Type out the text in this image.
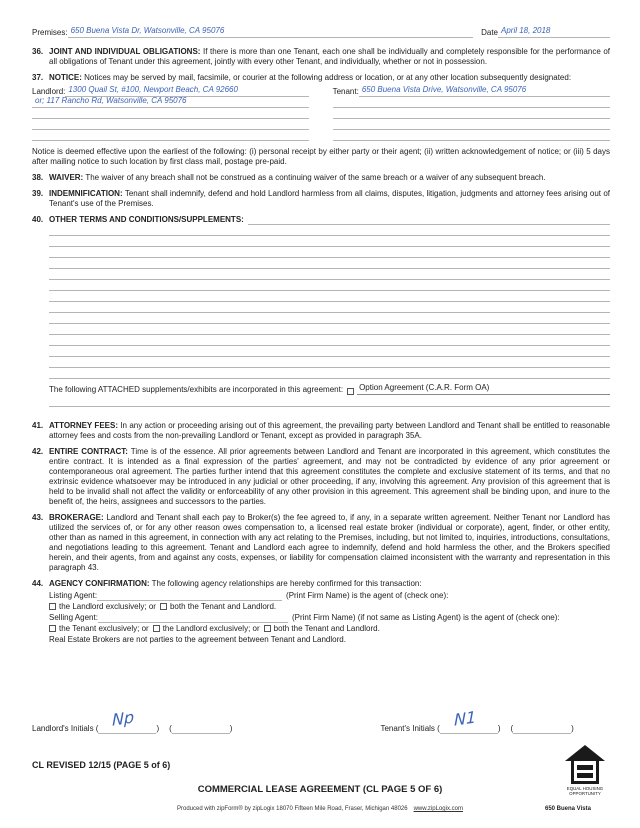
Premises: 650 Buena Vista Dr, Watsonville, CA 95076	Date April 18, 2018
36. JOINT AND INDIVIDUAL OBLIGATIONS: If there is more than one Tenant, each one shall be individually and completely responsible for the performance of all obligations of Tenant under this agreement, jointly with every other Tenant, and individually, whether or not in possession.
37. NOTICE: Notices may be served by mail, facsimile, or courier at the following address or location, or at any other location subsequently designated:
Landlord: 1300 Quail St, #100, Newport Beach, CA 92660
or; 117 Rancho Rd, Watsonville, CA 95076
Tenant: 650 Buena Vista Drive, Watsonville, CA 95076
Notice is deemed effective upon the earliest of the following: (i) personal receipt by either party or their agent; (ii) written acknowledgement of notice; or (iii) 5 days after mailing notice to such location by first class mail, postage pre-paid.
38. WAIVER: The waiver of any breach shall not be construed as a continuing waiver of the same breach or a waiver of any subsequent breach.
39. INDEMNIFICATION: Tenant shall indemnify, defend and hold Landlord harmless from all claims, disputes, litigation, judgments and attorney fees arising out of Tenant's use of the Premises.
40. OTHER TERMS AND CONDITIONS/SUPPLEMENTS:
The following ATTACHED supplements/exhibits are incorporated in this agreement: Option Agreement (C.A.R. Form OA)
41. ATTORNEY FEES: In any action or proceeding arising out of this agreement, the prevailing party between Landlord and Tenant shall be entitled to reasonable attorney fees and costs from the non-prevailing Landlord or Tenant, except as provided in paragraph 35A.
42. ENTIRE CONTRACT: Time is of the essence. All prior agreements between Landlord and Tenant are incorporated in this agreement, which constitutes the entire contract. It is intended as a final expression of the parties' agreement, and may not be contradicted by evidence of any prior agreement or contemporaneous oral agreement. The parties further intend that this agreement constitutes the complete and exclusive statement of its terms, and that no extrinsic evidence whatsoever may be introduced in any judicial or other proceeding, if any, involving this agreement. Any provision of this agreement that is held to be invalid shall not affect the validity or enforceability of any other provision in this agreement. This agreement shall be binding upon, and inure to the benefit of, the heirs, assignees and successors to the parties.
43. BROKERAGE: Landlord and Tenant shall each pay to Broker(s) the fee agreed to, if any, in a separate written agreement. Neither Tenant nor Landlord has utilized the services of, or for any other reason owes compensation to, a licensed real estate broker (individual or corporate), agent, finder, or other entity, other than as named in this agreement, in connection with any act relating to the Premises, including, but not limited to, inquiries, introductions, consultations, and negotiations leading to this agreement. Tenant and Landlord each agree to indemnify, defend and hold harmless the other, and the Brokers specified herein, and their agents, from and against any costs, expenses, or liability for compensation claimed inconsistent with the warranty and representation in this paragraph 43.
44. AGENCY CONFIRMATION: The following agency relationships are hereby confirmed for this transaction:
Listing Agent:	(Print Firm Name) is the agent of (check one):
the Landlord exclusively; or both the Tenant and Landlord.
Selling Agent:	(Print Firm Name) (if not same as Listing Agent) is the agent of (check one):
the Tenant exclusively; or the Landlord exclusively; or both the Tenant and Landlord.
Real Estate Brokers are not parties to the agreement between Tenant and Landlord.
Landlord's Initials ( Np	) (	)	Tenant's Initials ( N1	) (	)
CL REVISED 12/15 (PAGE 5 of 6)
COMMERCIAL LEASE AGREEMENT (CL PAGE 5 OF 6)
Produced with zipForm® by zipLogix 18070 Fifteen Mile Road, Fraser, Michigan 48026 www.zipLogix.com	650 Buena Vista
EQUAL HOUSING
OPPORTUNITY
